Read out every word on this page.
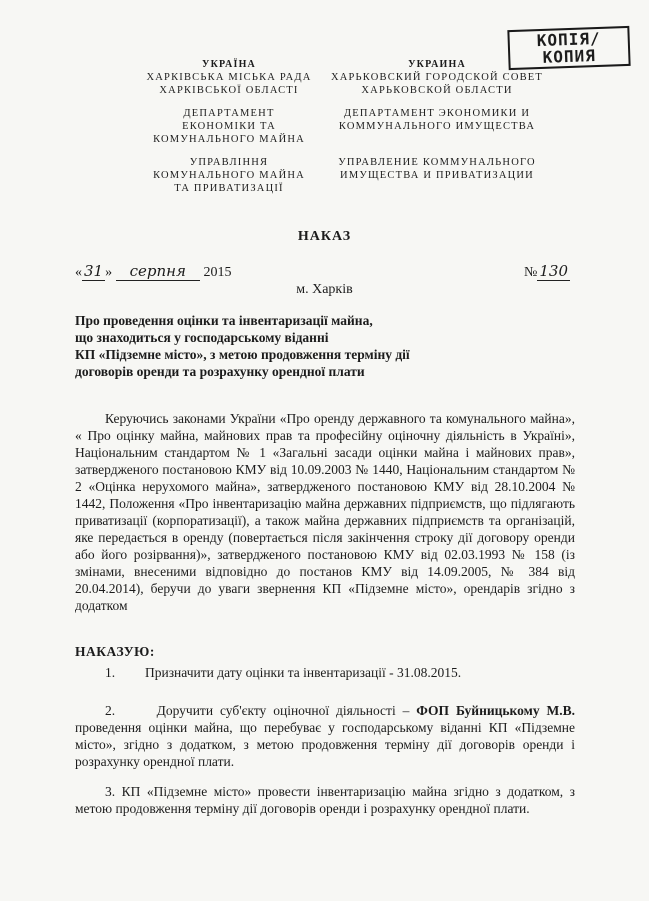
УКРАЇНА
ХАРКІВСЬКА МІСЬКА РАДА
ХАРКІВСЬКОЇ ОБЛАСТІ
ДЕПАРТАМЕНТ
ЕКОНОМІКИ ТА
КОМУНАЛЬНОГО МАЙНА
УПРАВЛІННЯ
КОМУНАЛЬНОГО МАЙНА
ТА ПРИВАТИЗАЦІЇ
УКРАИНА
ХАРЬКОВСКИЙ ГОРОДСКОЙ СОВЕТ
ХАРЬКОВСКОЙ ОБЛАСТИ
ДЕПАРТАМЕНТ ЭКОНОМИКИ И
КОММУНАЛЬНОГО ИМУЩЕСТВА
УПРАВЛЕНИЕ КОММУНАЛЬНОГО
ИМУЩЕСТВА И ПРИВАТИЗАЦИИ
КОПІЯ/
КОПИЯ
НАКАЗ
« 31 » серпня 2015	№ 130
м. Харків
Про проведення оцінки та інвентаризації майна,
що знаходиться у господарському віданні
КП «Підземне місто», з метою продовження терміну дії
договорів оренди та розрахунку орендної плати
Керуючись законами України «Про оренду державного та комунального майна», « Про оцінку майна, майнових прав та професійну оціночну діяльність в Україні», Національним стандартом № 1 «Загальні засади оцінки майна і майнових прав», затвердженого постановою КМУ від 10.09.2003 № 1440, Національним стандартом № 2 «Оцінка нерухомого майна», затвердженого постановою КМУ від 28.10.2004 № 1442, Положення «Про інвентаризацію майна державних підприємств, що підлягають приватизації (корпоратизації), а також майна державних підприємств та організацій, яке передається в оренду (повертається після закінчення строку дії договору оренди або його розірвання)», затвердженого постановою КМУ від 02.03.1993 № 158 (із змінами, внесеними відповідно до постанов КМУ від 14.09.2005, № 384 від 20.04.2014), беручи до уваги звернення КП «Підземне місто», орендарів згідно з додатком
НАКАЗУЮ:
1. Призначити дату оцінки та інвентаризації - 31.08.2015.
2.	Доручити суб'єкту оціночної діяльності – ФОП Буйницькому М.В. проведення оцінки майна, що перебуває у господарському віданні КП «Підземне місто», згідно з додатком, з метою продовження терміну дії договорів оренди і розрахунку орендної плати.
3. КП «Підземне місто» провести інвентаризацію майна згідно з додатком, з метою продовження терміну дії договорів оренди і розрахунку орендної плати.
